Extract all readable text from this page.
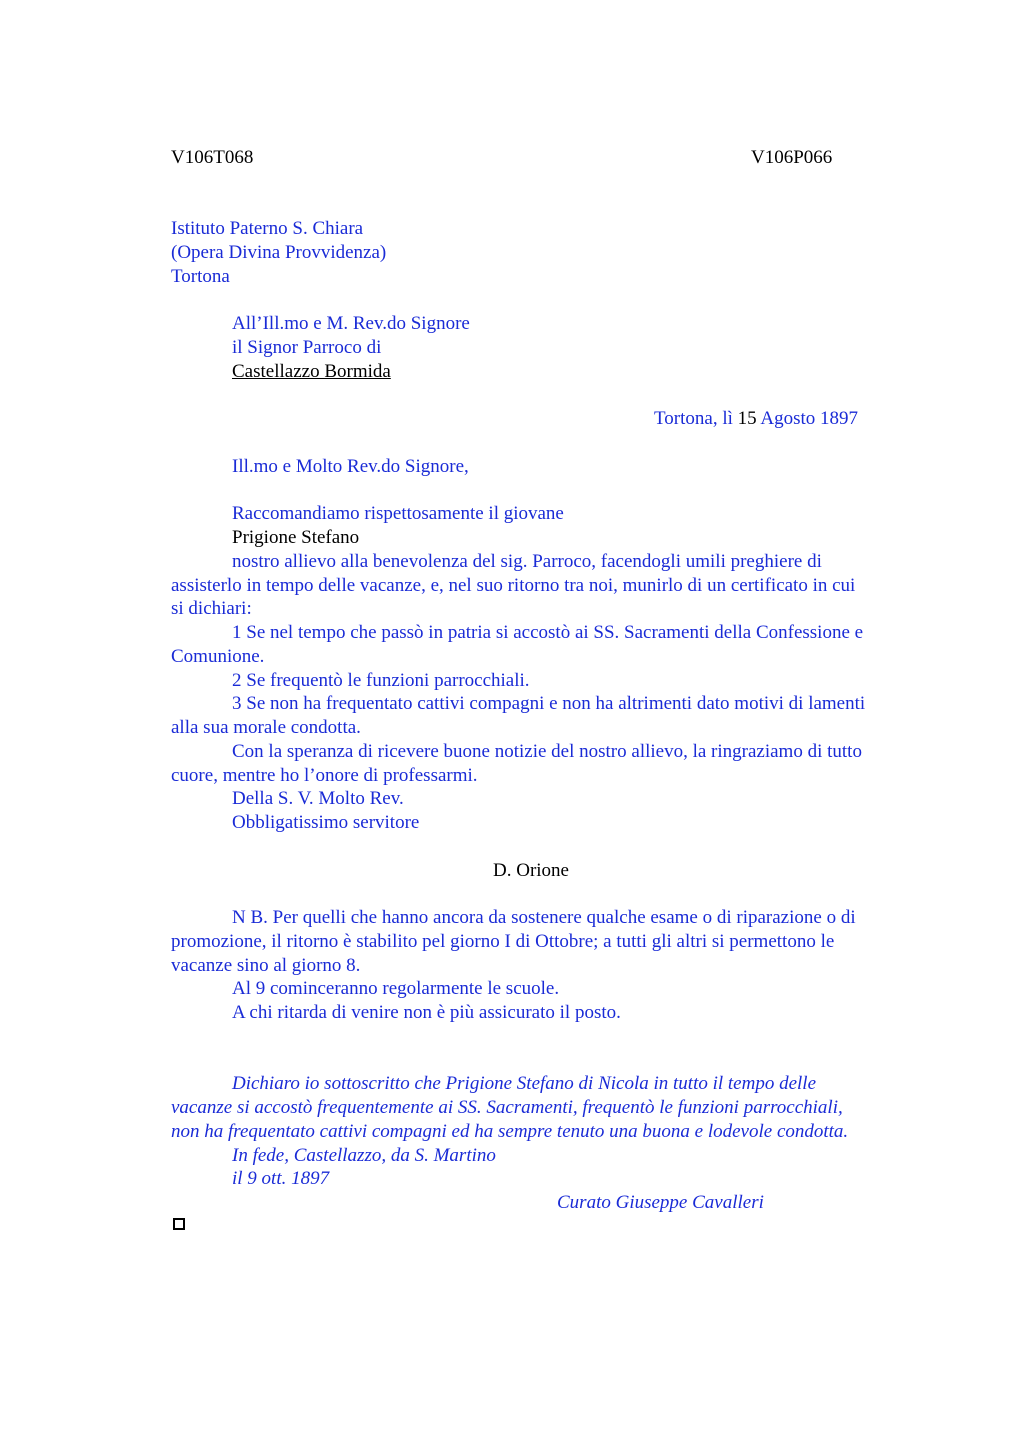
V106T068	V106P066

Istituto Paterno S. Chiara

(Opera Divina Provvidenza)

Tortona

All’Ill.mo e M. Rev.do Signore

il Signor Parroco di

Castellazzo Bormida

Tortona, lì 15 Agosto 1897

Ill.mo e Molto Rev.do Signore,

Raccomandiamo rispettosamente il giovane

Prigione Stefano

nostro allievo alla benevolenza del sig. Parroco, facendogli umili preghiere di

assisterlo in tempo delle vacanze, e, nel suo ritorno tra noi, munirlo di un certificato in cui

si dichiari:

1 Se nel tempo che passò in patria si accostò ai SS. Sacramenti della Confessione e

Comunione.

2 Se frequentò le funzioni parrocchiali.

3 Se non ha frequentato cattivi compagni e non ha altrimenti dato motivi di lamenti

alla sua morale condotta.

Con la speranza di ricevere buone notizie del nostro allievo, la ringraziamo di tutto

cuore, mentre ho l’onore di professarmi.

Della S. V. Molto Rev.

Obbligatissimo servitore

D. Orione

N B. Per quelli che hanno ancora da sostenere qualche esame o di riparazione o di

promozione, il ritorno è stabilito pel giorno I di Ottobre; a tutti gli altri si permettono le

vacanze sino al giorno 8.

Al 9 cominceranno regolarmente le scuole.

A chi ritarda di venire non è più assicurato il posto.

Dichiaro io sottoscritto che Prigione Stefano di Nicola in tutto il tempo delle

vacanze si accostò frequentemente ai SS. Sacramenti, frequentò le funzioni parrocchiali,

non ha frequentato cattivi compagni ed ha sempre tenuto una buona e lodevole condotta.

In fede, Castellazzo, da S. Martino

il 9 ott. 1897

Curato Giuseppe Cavalleri
